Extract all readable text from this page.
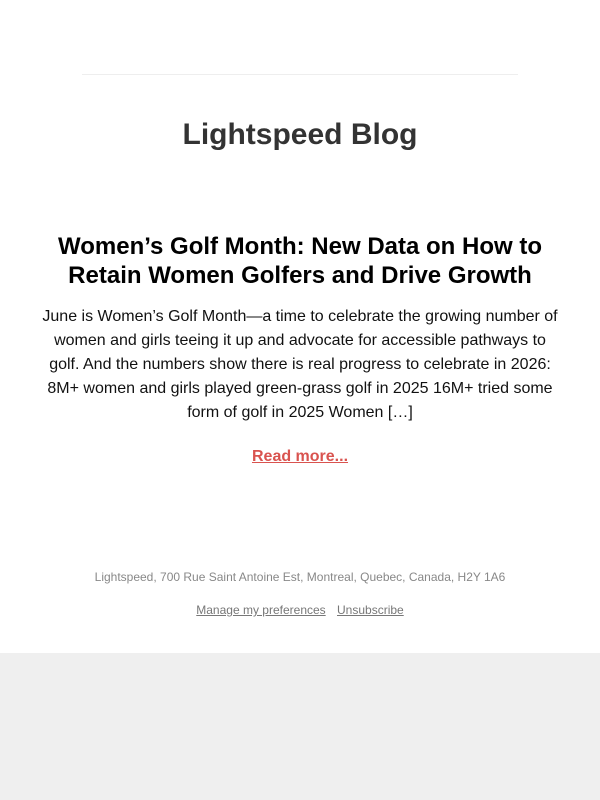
Lightspeed Blog
Women’s Golf Month: New Data on How to Retain Women Golfers and Drive Growth

June is Women’s Golf Month—a time to celebrate the growing number of women and girls teeing it up and advocate for accessible pathways to golf. And the numbers show there is real progress to celebrate in 2026: 8M+ women and girls played green-grass golf in 2025 16M+ tried some form of golf in 2025 Women […]

Read more...
Lightspeed, 700 Rue Saint Antoine Est, Montreal, Quebec, Canada, H2Y 1A6
Manage my preferences Unsubscribe
